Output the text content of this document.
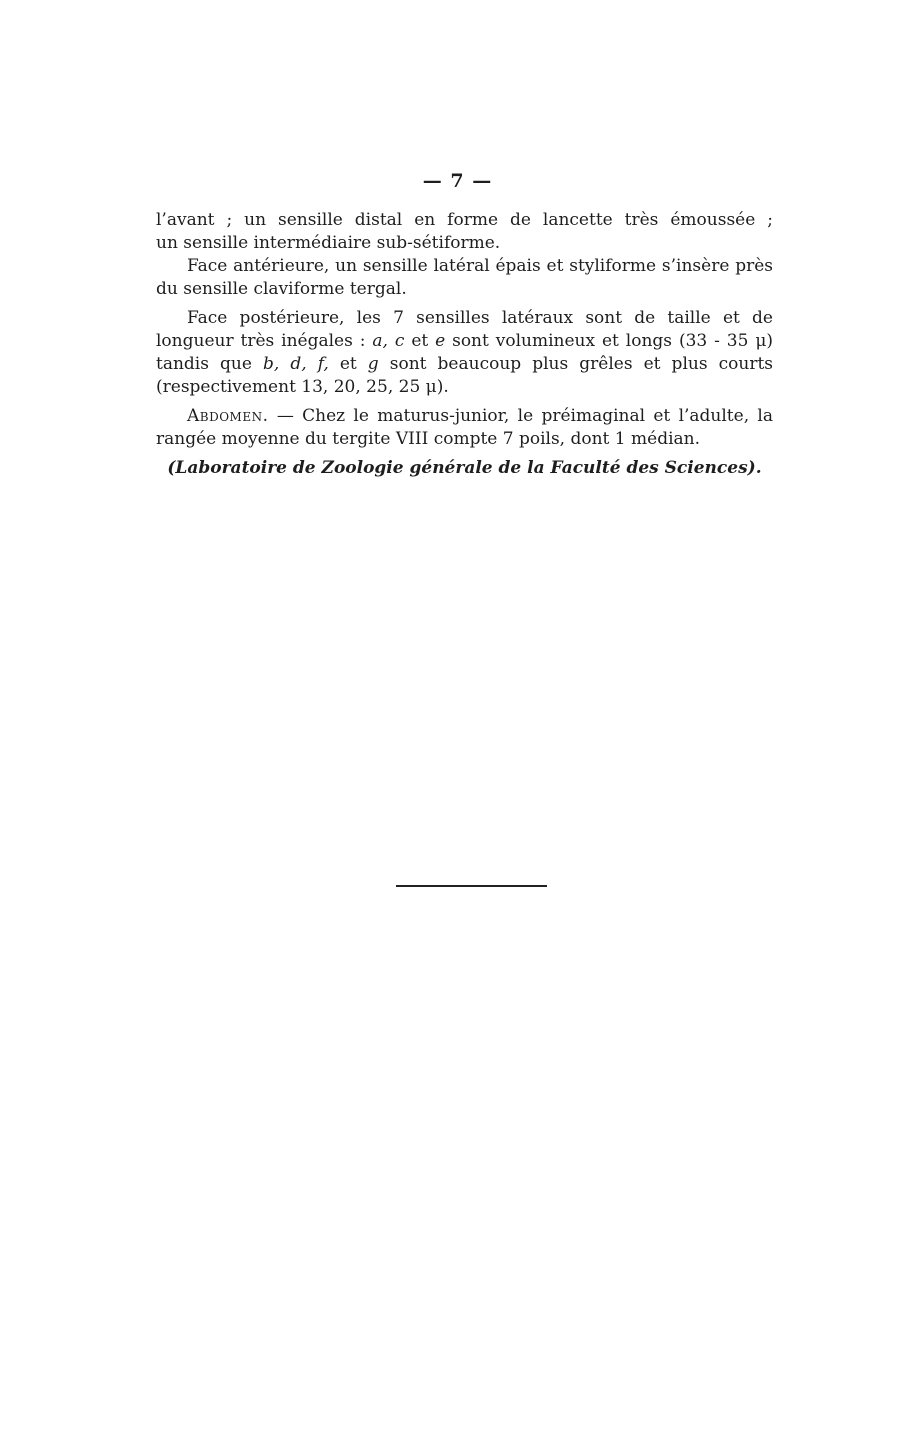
— 7 —

l’avant ; un sensille distal en forme de lancette très émoussée ;

un sensille intermédiaire sub-sétiforme.

Face antérieure, un sensille latéral épais et styliforme s’insère près du sensille claviforme tergal.

Face postérieure, les 7 sensilles latéraux sont de taille et de longueur très inégales : a, c et e sont volumineux et longs (33 - 35 μ) tandis que b, d, f, et g sont beaucoup plus grêles et plus courts (respectivement 13, 20, 25, 25 μ).

Abdomen. — Chez le maturus-junior, le préimaginal et l’adulte, la rangée moyenne du tergite VIII compte 7 poils, dont 1 médian.

(Laboratoire de Zoologie générale de la Faculté des Sciences).
